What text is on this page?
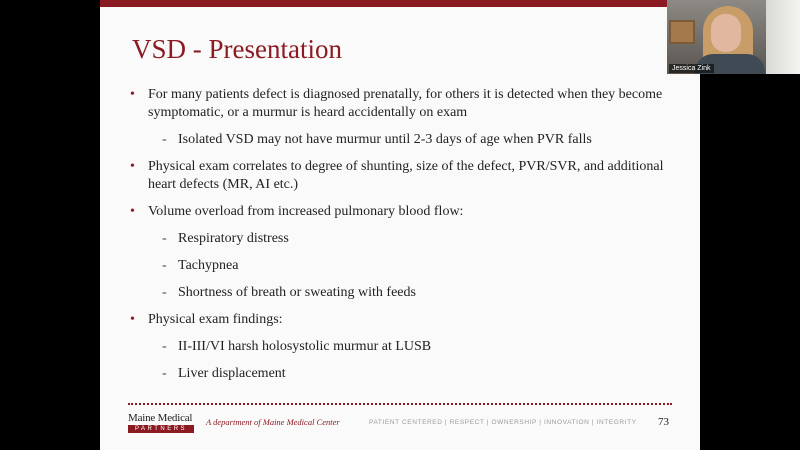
VSD - Presentation
• For many patients defect is diagnosed prenatally, for others it is detected when they become symptomatic, or a murmur is heard accidentally on exam
- Isolated VSD may not have murmur until 2-3 days of age when PVR falls
• Physical exam correlates to degree of shunting, size of the defect, PVR/SVR, and additional heart defects (MR, AI etc.)
• Volume overload from increased pulmonary blood flow:
- Respiratory distress
- Tachypnea
- Shortness of breath or sweating with feeds
• Physical exam findings:
- II-III/VI harsh holosystolic murmur at LUSB
- Liver displacement
Maine Medical
PARTNERS
A department of Maine Medical Center	PATIENT CENTERED | RESPECT | OWNERSHIP | INNOVATION | INTEGRITY 73
Jessica Zink
